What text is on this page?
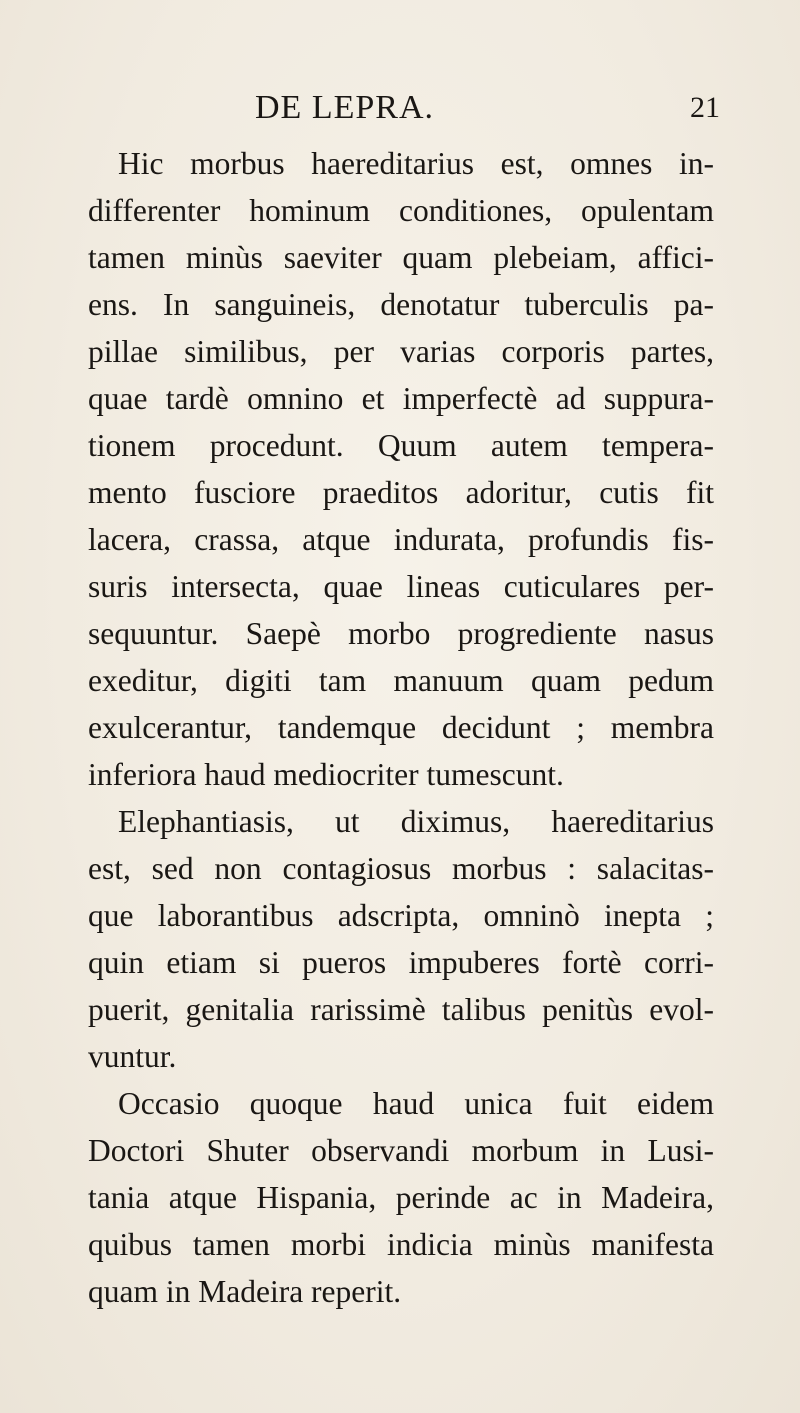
DE LEPRA.	21
Hic morbus haereditarius est, omnes in-
differenter hominum conditiones, opulentam
tamen minùs saeviter quam plebeiam, affici-
ens. In sanguineis, denotatur tuberculis pa-
pillae similibus, per varias corporis partes,
quae tardè omnino et imperfectè ad suppura-
tionem procedunt. Quum autem tempera-
mento fusciore praeditos adoritur, cutis fit
lacera, crassa, atque indurata, profundis fis-
suris intersecta, quae lineas cuticulares per-
sequuntur. Saepè morbo progrediente nasus
exeditur, digiti tam manuum quam pedum
exulcerantur, tandemque decidunt ; membra
inferiora haud mediocriter tumescunt.
Elephantiasis, ut diximus, haereditarius
est, sed non contagiosus morbus : salacitas-
que laborantibus adscripta, omninò inepta ;
quin etiam si pueros impuberes fortè corri-
puerit, genitalia rarissimè talibus penitùs evol-
vuntur.
Occasio quoque haud unica fuit eidem
Doctori Shuter observandi morbum in Lusi-
tania atque Hispania, perinde ac in Madeira,
quibus tamen morbi indicia minùs manifesta
quam in Madeira reperit.
